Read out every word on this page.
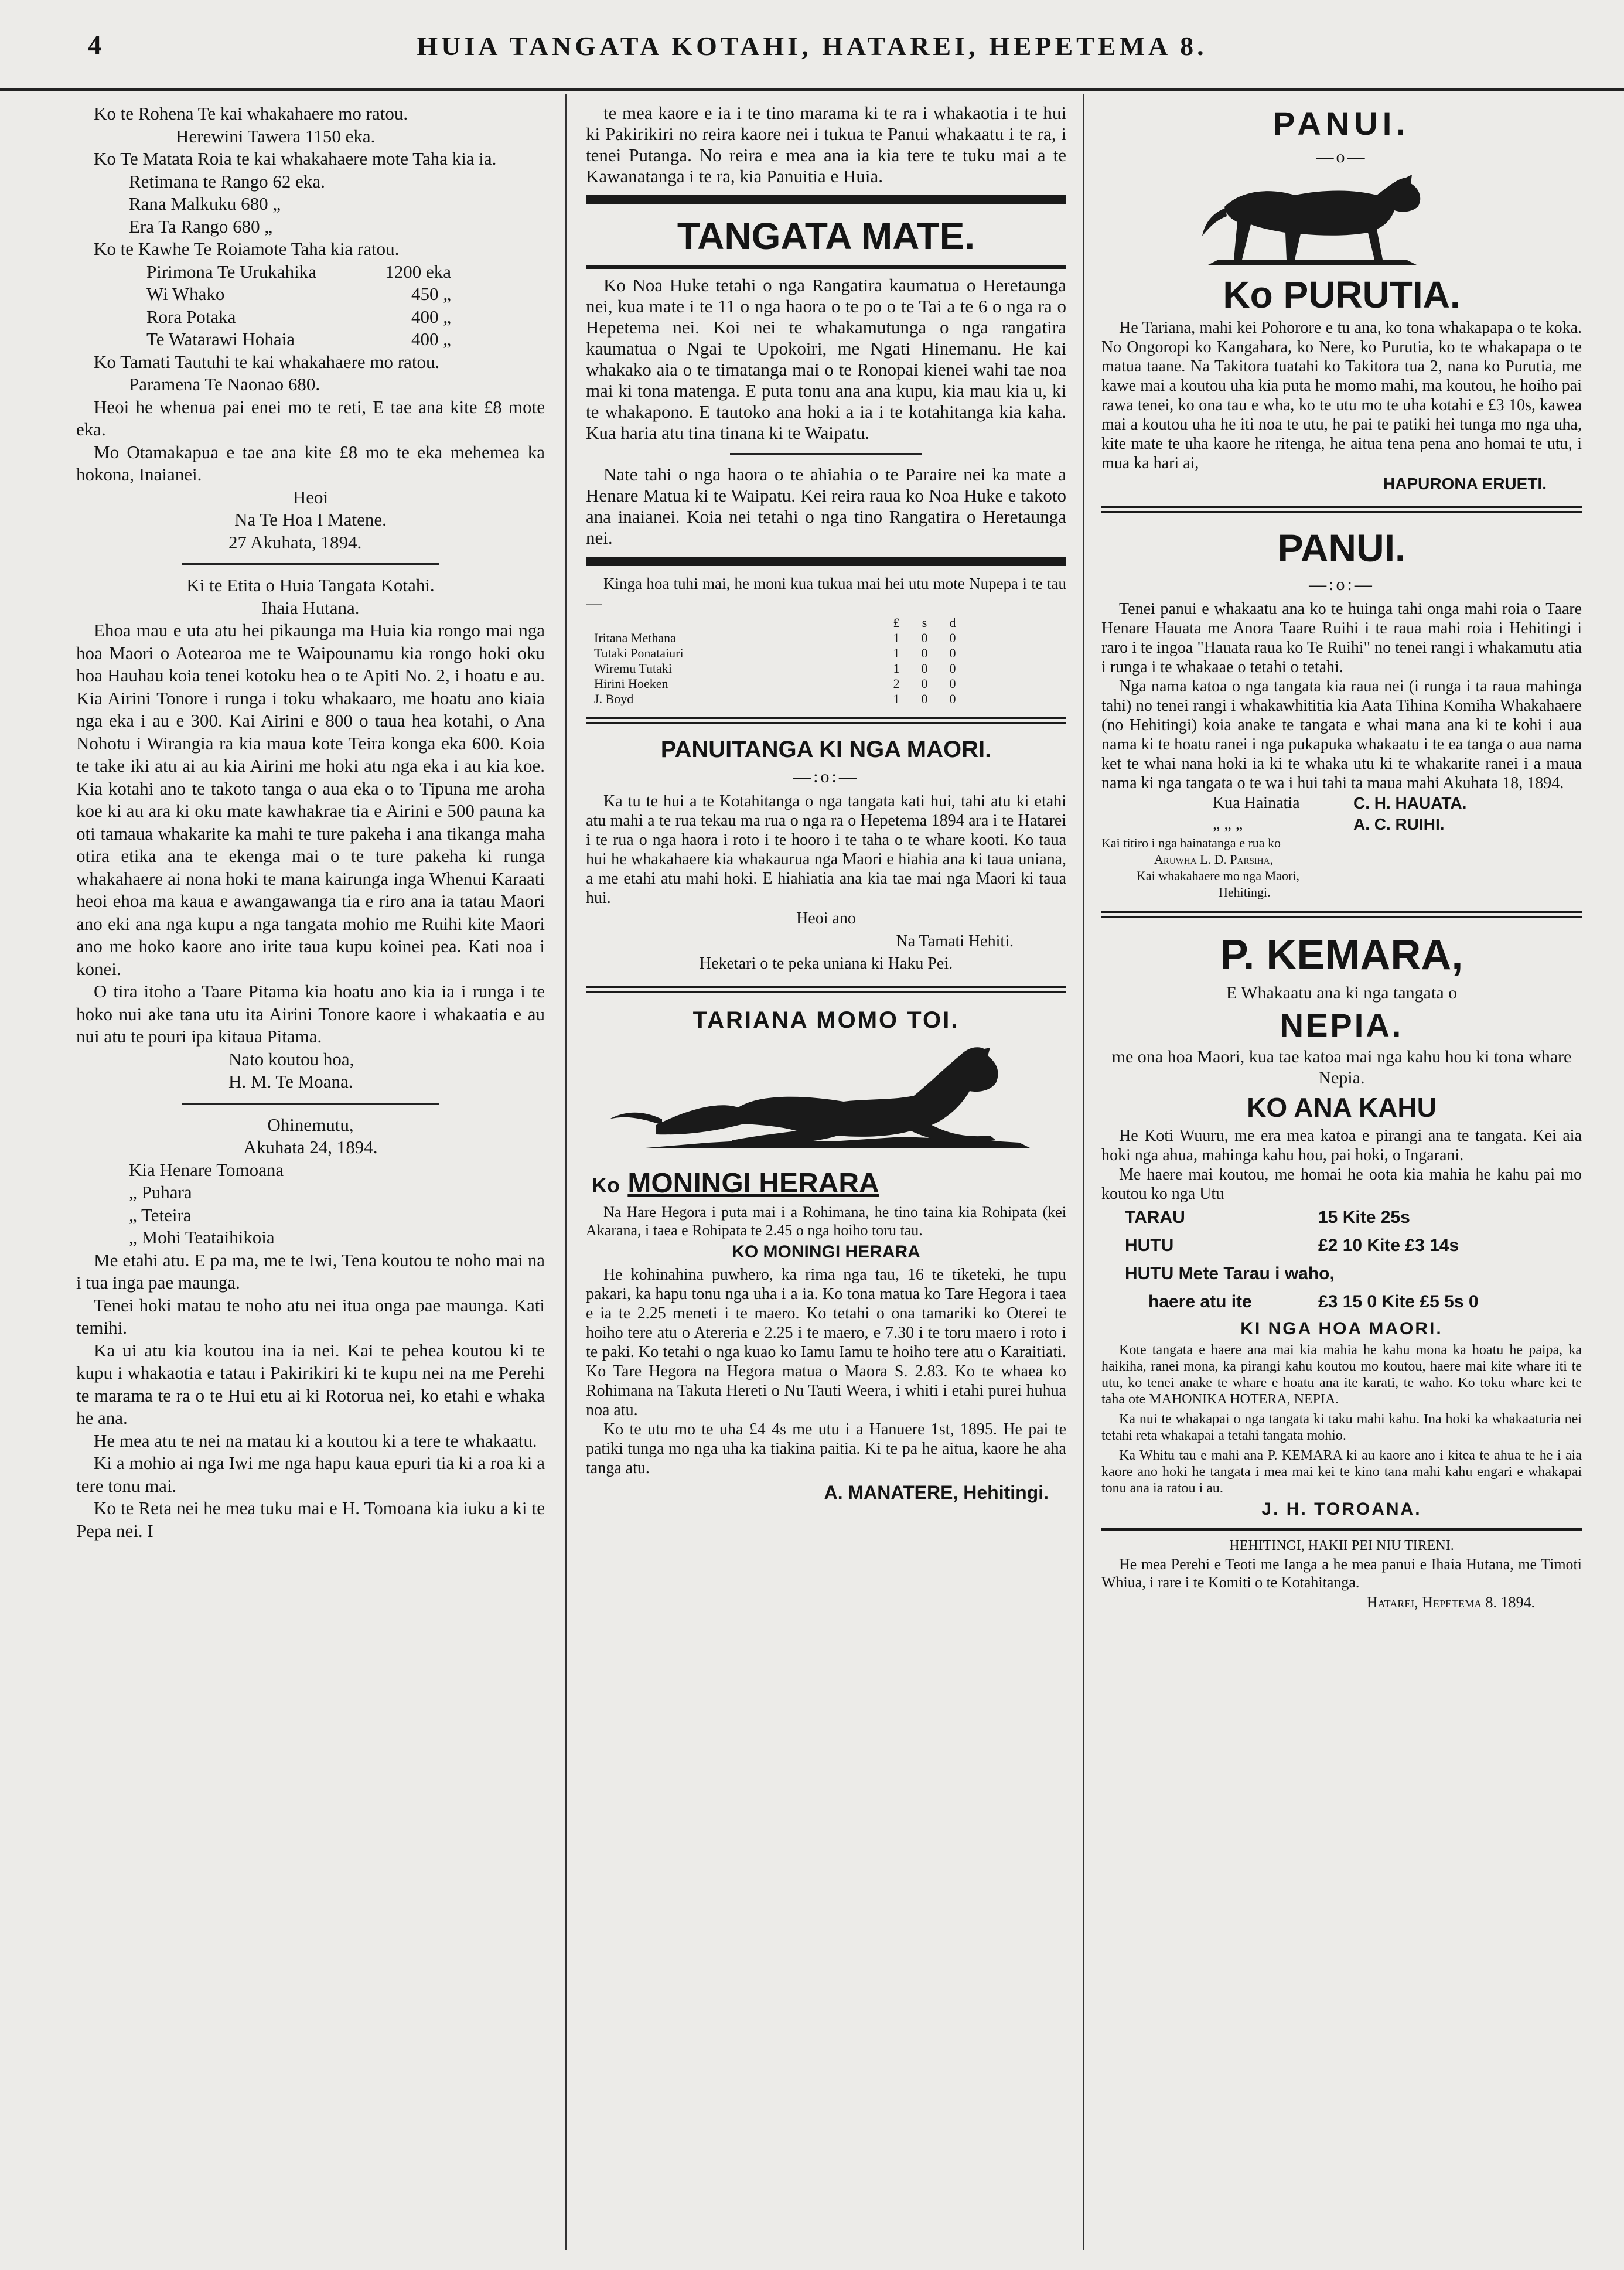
4	HUIA TANGATA KOTAHI, HATAREI, HEPETEMA 8.

Ko te Rohena Te kai whakahaere mo ratou.

Herewini Tawera 1150 eka.

Ko Te Matata Roia te kai whakahaere mote Taha kia ia.

Retimana te Rango 62 eka.

Rana Malkuku 680 „

Era Ta Rango 680 „

Ko te Kawhe Te Roiamote Taha kia ratou.

Pirimona Te Urukahika	1200 eka
Wi Whako	450 „
Rora Potaka	400 „
Te Watarawi Hohaia	400 „

Ko Tamati Tautuhi te kai whakahaere mo ratou.

Paramena Te Naonao 680.

Heoi he whenua pai enei mo te reti, E tae ana kite £8 mote eka.

Mo Otamakapua e tae ana kite £8 mo te eka mehemea ka hokona, Inaianei.

Heoi

Na Te Hoa I Matene.

27 Akuhata, 1894.

Ki te Etita o Huia Tangata Kotahi.

Ihaia Hutana.

Ehoa mau e uta atu hei pikaunga ma Huia kia rongo mai nga hoa Maori o Aotearoa me te Waipounamu kia rongo hoki oku hoa Hauhau koia tenei kotoku hea o te Apiti No. 2, i hoatu e au. Kia Airini Tonore i runga i toku whakaaro, me hoatu ano kiaia nga eka i au e 300. Kai Airini e 800 o taua hea kotahi, o Ana Nohotu i Wirangia ra kia maua kote Teira konga eka 600. Koia te take iki atu ai au kia Airini me hoki atu nga eka i au kia koe. Kia kotahi ano te takoto tanga o aua eka o to Tipuna me aroha koe ki au ara ki oku mate kawhakrae tia e Airini e 500 pauna ka oti tamaua whakarite ka mahi te ture pakeha i ana tikanga maha otira etika ana te ekenga mai o te ture pakeha ki runga whakahaere ai nona hoki te mana kairunga inga Whenui Karaati heoi ehoa ma kaua e awangawanga tia e riro ana ia tatau Maori ano eki ana nga kupu a nga tangata mohio me Ruihi kite Maori ano me hoko kaore ano irite taua kupu koinei pea. Kati noa i konei.

O tira itoho a Taare Pitama kia hoatu ano kia ia i runga i te hoko nui ake tana utu ita Airini Tonore kaore i whakaatia e au nui atu te pouri ipa kitaua Pitama.

Nato koutou hoa,

H. M. Te Moana.

Ohinemutu,

Akuhata 24, 1894.

Kia Henare Tomoana

„ Puhara

„ Teteira

„ Mohi Teataihikoia

Me etahi atu. E pa ma, me te Iwi, Tena koutou te noho mai na i tua inga pae maunga.

Tenei hoki matau te noho atu nei itua onga pae maunga. Kati temihi.

Ka ui atu kia koutou ina ia nei. Kai te pehea koutou ki te kupu i whakaotia e tatau i Pakirikiri ki te kupu nei na me Perehi te marama te ra o te Hui etu ai ki Rotorua nei, ko etahi e whaka he ana.

He mea atu te nei na matau ki a koutou ki a tere te whakaatu.

Ki a mohio ai nga Iwi me nga hapu kaua epuri tia ki a roa ki a tere tonu mai.

Ko te Reta nei he mea tuku mai e H. Tomoana kia iuku a ki te Pepa nei. I

te mea kaore e ia i te tino marama ki te ra i whakaotia i te hui ki Pakirikiri no reira kaore nei i tukua te Panui whakaatu i te ra, i tenei Putanga. No reira e mea ana ia kia tere te tuku mai a te Kawanatanga i te ra, kia Panuitia e Huia.

TANGATA MATE.

Ko Noa Huke tetahi o nga Rangatira kaumatua o Heretaunga nei, kua mate i te 11 o nga haora o te po o te Tai a te 6 o nga ra o Hepetema nei. Koi nei te whakamutunga o nga rangatira kaumatua o Ngai te Upokoiri, me Ngati Hinemanu. He kai whakako aia o te timatanga mai o te Ronopai kienei wahi tae noa mai ki tona matenga. E puta tonu ana ana kupu, kia mau kia u, ki te whakapono. E tautoko ana hoki a ia i te kotahitanga kia kaha. Kua haria atu tina tinana ki te Waipatu.

Nate tahi o nga haora o te ahiahia o te Paraire nei ka mate a Henare Matua ki te Waipatu. Kei reira raua ko Noa Huke e takoto ana inaianei. Koia nei tetahi o nga tino Rangatira o Heretaunga nei.

Kinga hoa tuhi mai, he moni kua tukua mai hei utu mote Nupepa i te tau—

	£	s	d
Iritana Methana	1	0	0
Tutaki Ponataiuri	1	0	0
Wiremu Tutaki	1	0	0
Hirini Hoeken	2	0	0
J. Boyd	1	0	0
PANUITANGA KI NGA MAORI.
—:o:—

Ka tu te hui a te Kotahitanga o nga tangata kati hui, tahi atu ki etahi atu mahi a te rua tekau ma rua o nga ra o Hepetema 1894 ara i te Hatarei i te rua o nga haora i roto i te hooro i te taha o te whare kooti. Ko taua hui he whakahaere kia whakaurua nga Maori e hiahia ana ki taua uniana, a me etahi atu mahi hoki. E hiahiatia ana kia tae mai nga Maori ki taua hui.

Heoi ano

Na Tamati Hehiti.

Heketari o te peka uniana ki Haku Pei.

TARIANA MOMO TOI.
Ko MONINGI HERARA

Na Hare Hegora i puta mai i a Rohimana, he tino taina kia Rohipata (kei Akarana, i taea e Rohipata te 2.45 o nga hoiho toru tau.

KO MONINGI HERARA

He kohinahina puwhero, ka rima nga tau, 16 te tiketeki, he tupu pakari, ka hapu tonu nga uha i a ia. Ko tona matua ko Tare Hegora i taea e ia te 2.25 meneti i te maero. Ko tetahi o ona tamariki ko Oterei te hoiho tere atu o Atereria e 2.25 i te maero, e 7.30 i te toru maero i roto i te paki. Ko tetahi o nga kuao ko Iamu Iamu te hoiho tere atu o Karaitiati. Ko Tare Hegora na Hegora matua o Maora S. 2.83. Ko te whaea ko Rohimana na Takuta Hereti o Nu Tauti Weera, i whiti i etahi purei huhua noa atu.

Ko te utu mo te uha £4 4s me utu i a Hanuere 1st, 1895. He pai te patiki tunga mo nga uha ka tiakina paitia. Ki te pa he aitua, kaore he aha tanga atu.

A. MANATERE, Hehitingi.

PANUI.
—o—
Ko PURUTIA.

He Tariana, mahi kei Pohorore e tu ana, ko tona whakapapa o te koka. No Ongoropi ko Kangahara, ko Nere, ko Purutia, ko te whakapapa o te matua taane. Na Takitora tuatahi ko Takitora tua 2, nana ko Purutia, me kawe mai a koutou uha kia puta he momo mahi, ma koutou, he hoiho pai rawa tenei, ko ona tau e wha, ko te utu mo te uha kotahi e £3 10s, kawea mai a koutou uha he iti noa te utu, he pai te patiki hei tunga mo nga uha, kite mate te uha kaore he ritenga, he aitua tena pena ano homai te utu, i mua ka hari ai,

HAPURONA ERUETI.

PANUI.
—:o:—

Tenei panui e whakaatu ana ko te huinga tahi onga mahi roia o Taare Henare Hauata me Anora Taare Ruihi i te raua mahi roia i Hehitingi i raro i te ingoa "Hauata raua ko Te Ruihi" no tenei rangi i whakamutu atia i runga i te whakaae o tetahi o tetahi.

Nga nama katoa o nga tangata kia raua nei (i runga i ta raua mahinga tahi) no tenei rangi i whakawhititia kia Aata Tihina Komiha Whakahaere (no Hehitingi) koia anake te tangata e whai mana ana ki te kohi i aua nama ki te hoatu ranei i nga pukapuka whakaatu i te ea tanga o aua nama ket te whai nana hoki ia ki te whaka utu ki te whakarite ranei i a maua nama ki nga tangata o te wa i hui tahi ta maua mahi Akuhata 18, 1894.

Kua Hainatia	C. H. HAUATA.
„ „ „	A. C. RUIHI.

Kai titiro i nga hainatanga e rua ko

Aruwha L. D. Parsiha,

Kai whakahaere mo nga Maori,

Hehitingi.

P. KEMARA,

E Whakaatu ana ki nga tangata o

NEPIA.

me ona hoa Maori, kua tae katoa mai nga kahu hou ki tona whare Nepia.

KO ANA KAHU

He Koti Wuuru, me era mea katoa e pirangi ana te tangata. Kei aia hoki nga ahua, mahinga kahu hou, pai hoki, o Ingarani.

Me haere mai koutou, me homai he oota kia mahia he kahu pai mo koutou ko nga Utu

TARAU	15 Kite 25s
HUTU	£2 10 Kite £3 14s
HUTU Mete Tarau i waho,
haere atu ite	£3 15 0 Kite £5 5s 0
KI NGA HOA MAORI.

Kote tangata e haere ana mai kia mahia he kahu mona ka hoatu he paipa, ka haikiha, ranei mona, ka pirangi kahu koutou mo koutou, haere mai kite whare iti te utu, ko tenei anake te whare e hoatu ana ite karati, te waho. Ko toku whare kei te taha ote MAHONIKA HOTERA, NEPIA.

Ka nui te whakapai o nga tangata ki taku mahi kahu. Ina hoki ka whakaaturia nei tetahi reta whakapai a tetahi tangata mohio.

Ka Whitu tau e mahi ana P. KEMARA ki au kaore ano i kitea te ahua te he i aia kaore ano hoki he tangata i mea mai kei te kino tana mahi kahu engari e whakapai tonu ana ia ratou i au.

J. H. TOROANA.

HEHITINGI, HAKII PEI NIU TIRENI.

He mea Perehi e Teoti me Ianga a he mea panui e Ihaia Hutana, me Timoti Whiua, i rare i te Komiti o te Kotahitanga.

Hatarei, Hepetema 8. 1894.
